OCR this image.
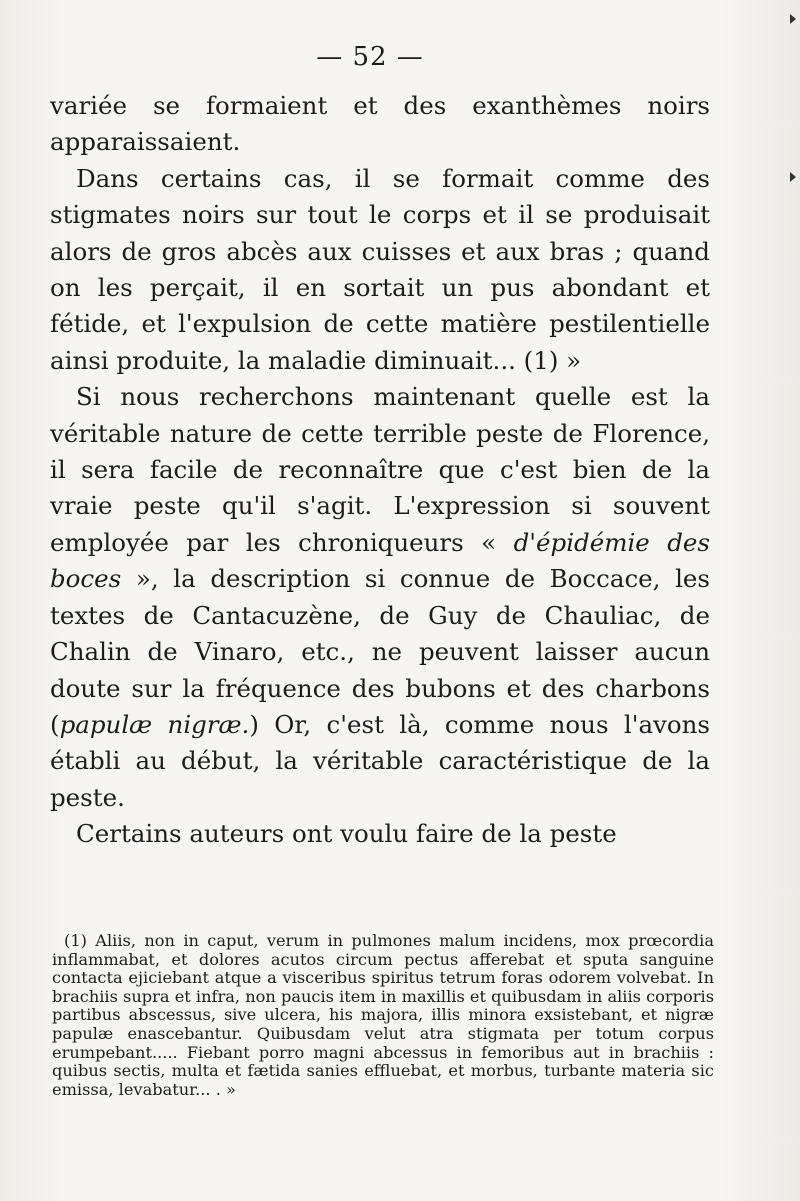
— 52 —

variée se formaient et des exanthèmes noirs apparaissaient.

Dans certains cas, il se formait comme des stigmates noirs sur tout le corps et il se produisait alors de gros abcès aux cuisses et aux bras ; quand on les perçait, il en sortait un pus abondant et fétide, et l'expulsion de cette matière pestilentielle ainsi produite, la maladie diminuait... (1) »

Si nous recherchons maintenant quelle est la véritable nature de cette terrible peste de Florence, il sera facile de reconnaître que c'est bien de la vraie peste qu'il s'agit. L'expression si souvent employée par les chroniqueurs « d'épidémie des boces », la description si connue de Boccace, les textes de Cantacuzène, de Guy de Chauliac, de Chalin de Vinaro, etc., ne peuvent laisser aucun doute sur la fréquence des bubons et des charbons (papulæ nigræ.) Or, c'est là, comme nous l'avons établi au début, la véritable caractéristique de la peste.

Certains auteurs ont voulu faire de la peste

(1) Aliis, non in caput, verum in pulmones malum incidens, mox prœcordia inflammabat, et dolores acutos circum pectus afferebat et sputa sanguine contacta ejiciebant atque a visceribus spiritus tetrum foras odorem volvebat. In brachiis supra et infra, non paucis item in maxillis et quibusdam in aliis corporis partibus abscessus, sive ulcera, his majora, illis minora exsistebant, et nigræ papulæ enascebantur. Quibusdam velut atra stigmata per totum corpus erumpebant..... Fiebant porro magni abcessus in femoribus aut in brachiis : quibus sectis, multa et fætida sanies effluebat, et morbus, turbante materia sic emissa, levabatur... . »
